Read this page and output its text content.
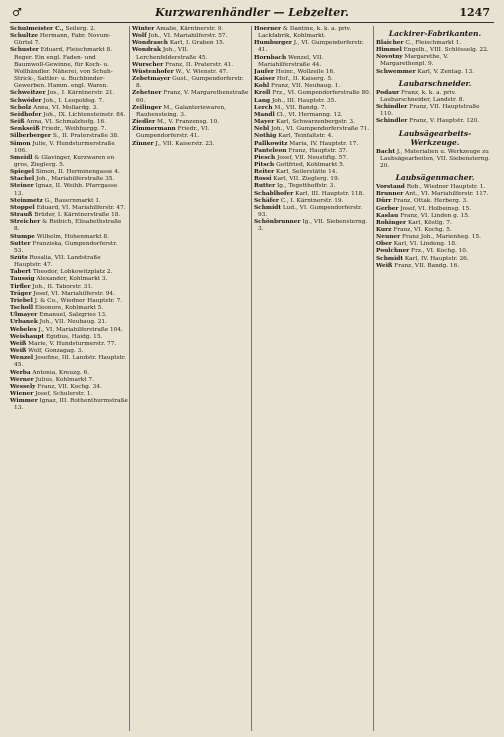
♂	Kurzwarenhändler — Lebzelter.	1247

Schulmeister C., Seilerg. 2.

Schultze Hermann, Fabr. Novum-Gürtel 7.

Schuster Eduard, Fleischmarkt 8. Reger. Ein engl. Faden- und Baumwoll-Gewinne, für Koch- u. Wollhändler. Näherei, von Schuh- Strick-, Sattler- u. Buchbinder-Gewerben. Hamm. engl. Waren.

Schweitzer Jos., I. Kärntnerstr. 21.

Schwöder Joh., I. Leopoldsg. 7.

Scholz Anna, VI. Mollardg. 3.

Seidhofer Joh., IX. Lichtensteinstr. 84.

Seiß Anna, VI. Schmalzhofg. 16.

Senkseiß Friedr., Weihburgg. 7.

Silberberger S., II. Praterstraße 38.

Simon Julie, V. Hundsturmerstraße 106.

Smeidl & Glavinger, Kurzwaren en gros, Zieglerg. 5.

Spiegel Simon, II. Herminengasse 4.

Stachel Joh., Mariahilferstraße 35.

Steiner Ignaz, II. Weihb. Pfarrgasse 13.

Steinmetz G., Bauernmarkt 1.

Stoppel Eduard, VI. Mariahilferstr. 47.

Strauß Brüder, I. Kärntnerstraße 18.

Streicher & Reibich, Elisabethstraße 8.

Stumpe Wilhelm, Hohenmarkt 8.

Sutter Franziska, Gumpendorferstr. 53.

Szüts Rosalia, VII. Landstraße Hauptstr. 47.

Tabert Theodor, Lobkowitzplatz 2.

Taussig Alexander, Kohlmarkt 3.

Tirfler Joh., II. Taborstr. 31.

Träger Josef, VI. Mariahilferstr. 94.

Triebel J. & Co., Wiedner Hauptstr. 7.

Tscholl Eleonore, Kohlmarkt 5.

Ulmayer Emanuel, Salzgries 13.

Urbanek Joh., VII. Neubaug. 21.

Webeles J., VI. Mariahilferstraße 104.

Weishaupt Egidius, Haidg. 15.

Weiß Marie, V. Hundsturmerstr. 77.

Weiß Wolf, Gonzagag. 3.

Wenzel Josefine, III. Landstr. Hauptstr. 45.

Werba Antonia, Kreuzg. 6.

Werner Julius, Kohlmarkt 7.

Wessely Franz, VII. Kochg. 34.

Wiener Josef, Schulerstr. 1.

Wimmer Ignaz, III. Rothenthurmstraße 13.

Winter Amalie, Kärntnerstr. 9.

Wolf Joh., VI. Mariahilferstr. 57.

Wondrasch Karl, I. Graben 15.

Wondrak Joh., VII. Lerchenfelderstraße 45.

Wurscher Franz, II. Praterstr. 41.

Wüstenhofer W., V. Wienstr. 47.

Zebetmayer Gust., Gumpendorferstr. 8.

Zehetner Franz, V. Margarethenstraße 60.

Zeilinger M., Galanteriewaren, Rauhensteing. 3.

Ziedler M., V. Franzensg. 10.

Zimmermann Friedr., VI. Gumpendorferstr. 41.

Zinner J., VII. Kaiserstr. 23.

Hoerner & Dantine, k. k. a. priv. Lackfabrik, Kohlmarkt.

Humburger J., VI. Gumpendorferstr. 41.

Hornbach Wenzel, VII. Mariahilferstraße 44.

Jaufer Heinr., Wollzeile 16.

Kaiser Hof., II. Kaiserg. 5.

Kohl Franz, VII. Neubaug. 1.

Kroll Frz., VI. Gumpendorferstraße 80.

Lang Joh., III. Hauptstr. 35.

Lerch M., VII. Bandg. 7.

Mandl Cl., VI. Hermanng. 12.

Mayer Karl, Schwarzenbergstr. 3.

Nebl Joh., VI. Gumpendorferstraße 71.

Nothig Karl, Teinfaltstr. 4.

Pallkowitz Maria, IV. Hauptstr. 17.

Panteleon Franz, Hauptstr. 37.

Piesch Josef, VII. Neustiftg. 57.

Pitsch Gottfried, Kohlmarkt 5.

Reiter Karl, Seilerstätte 14.

Rossi Karl, VII. Zieglerg. 19.

Rutter Ig., Tegetthoffstr. 3.

Schablhofer Karl, III. Hauptstr. 118.

Schäfer C., I. Kärntnerstr. 19.

Schmidt Lud., VI. Gumpendorferstr. 93.

Schönbrunner Ig., VII. Siebensterng. 3.

Lackirer-Fabrikanten.

Blaicher C., Fleischmarkt 1.

Himmel Engelb., VIII. Schlösselg. 22.

Novotny Margarethe, V. Margarethenpl. 9.

Schwemmer Karl, V. Zentag. 13.

Laubarschneider.

Podaur Franz, k. k. a. priv. Laubarschneider, Landstr. 8.

Schindler Franz, VII. Hauptstraße 110.

Schindler Franz, V. Hauptstr. 120.

Laubsägearbeits-Werkzeuge.

Bacht J., Materialien u. Werkzeuge zu Laubsägearbeiten, VII. Siebensterng. 20.

Laubsägenmacher.

Vorstand Rob., Wiedner Hauptstr. 1.

Brunner Ant., VI. Mariahilferstr. 117.

Dürr Franz, Ottak. Herberg. 3.

Gerber Josef, VI. Holbeinsg. 15.

Kaslau Franz, VI. Linden g. 15.

Rohinger Karl, Köstlg. 7.

Kurz Franz, VI. Kochg. 5.

Neuner Franz Joh., Marienheg. 15.

Ober Karl, VI. Lindeng. 18.

Poulchner Frz., VI. Kochg. 10.

Schmidt Karl, IV. Hauptstr. 26.

Weiß Franz, VII. Bandg. 16.
